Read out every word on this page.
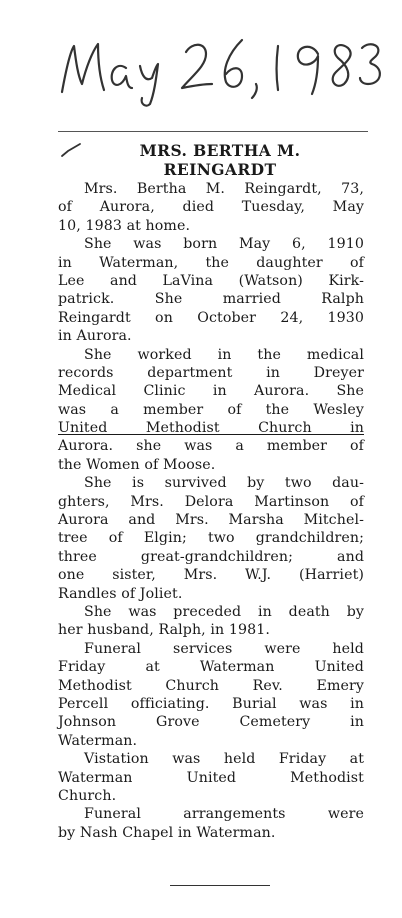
MRS. BERTHA M.
REINGARDT
Mrs. Bertha M. Reingardt, 73,
of Aurora, died Tuesday, May
10, 1983 at home.
She was born May 6, 1910
in Waterman, the daughter of
Lee and LaVina (Watson) Kirk-
patrick. She married Ralph
Reingardt on October 24, 1930
in Aurora.
She worked in the medical
records department in Dreyer
Medical Clinic in Aurora. She
was a member of the Wesley
United Methodist Church in
Aurora. she was a member of
the Women of Moose.
She is survived by two dau-
ghters, Mrs. Delora Martinson of
Aurora and Mrs. Marsha Mitchel-
tree of Elgin; two grandchildren;
three great-grandchildren; and
one sister, Mrs. W.J. (Harriet)
Randles of Joliet.
She was preceded in death by
her husband, Ralph, in 1981.
Funeral services were held
Friday at Waterman United
Methodist Church Rev. Emery
Percell officiating. Burial was in
Johnson Grove Cemetery in
Waterman.
Vistation was held Friday at
Waterman United Methodist
Church.
Funeral arrangements were
by Nash Chapel in Waterman.
